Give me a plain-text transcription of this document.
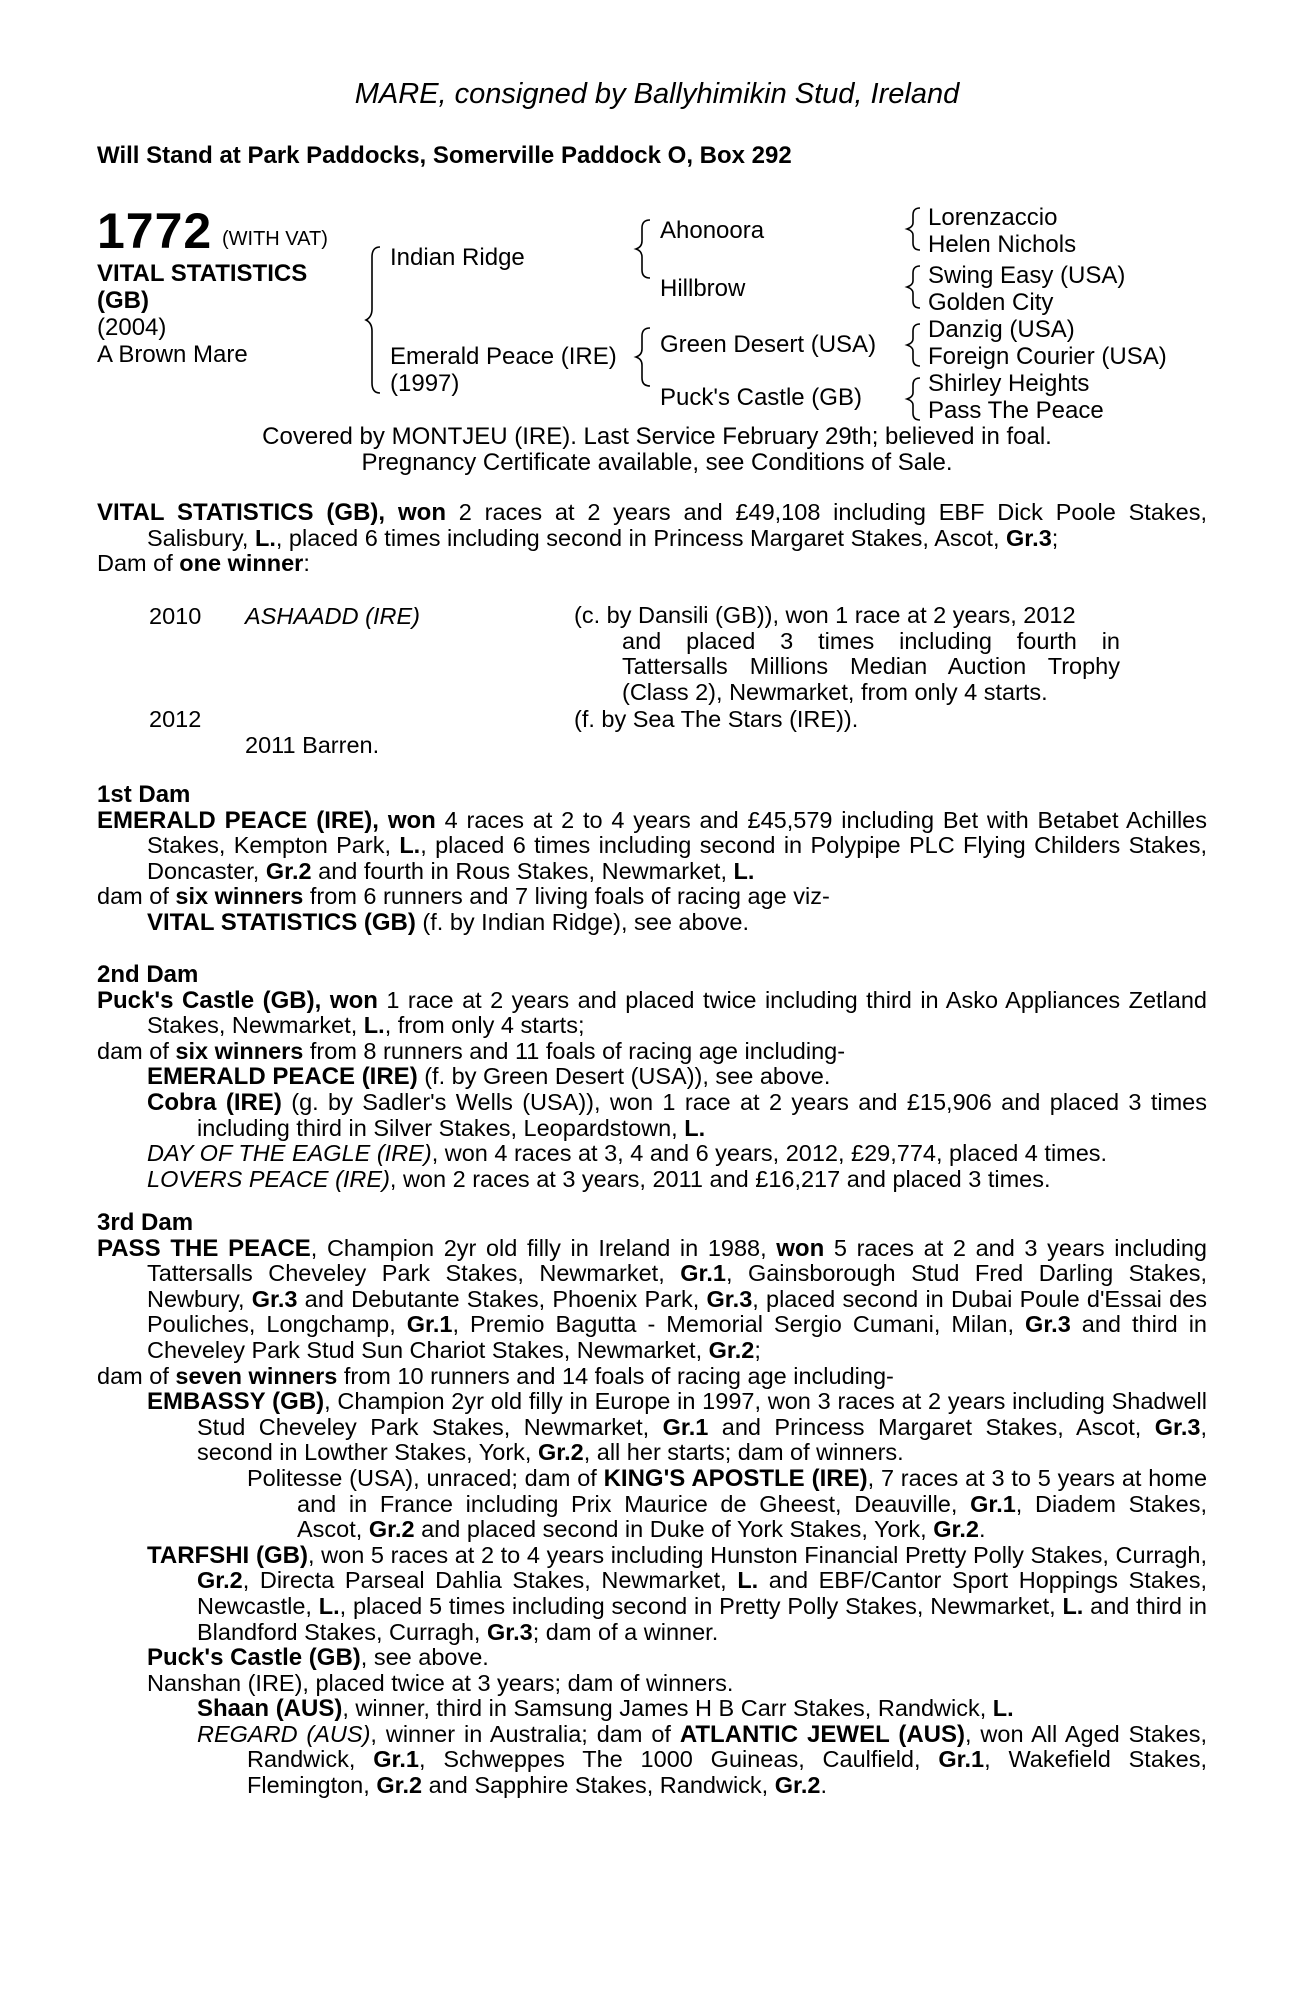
MARE, consigned by Ballyhimikin Stud, Ireland
Will Stand at Park Paddocks, Somerville Paddock O, Box 292
1772 (WITH VAT)
VITAL STATISTICS
(GB)
(2004)
A Brown Mare
Indian Ridge
Emerald Peace (IRE)
(1997)
Ahonoora
Hillbrow
Green Desert (USA)
Puck's Castle (GB)
Lorenzaccio
Helen Nichols
Swing Easy (USA)
Golden City
Danzig (USA)
Foreign Courier (USA)
Shirley Heights
Pass The Peace
Covered by MONTJEU (IRE). Last Service February 29th; believed in foal.
Pregnancy Certificate available, see Conditions of Sale.

VITAL STATISTICS (GB), won 2 races at 2 years and £49,108 including EBF Dick Poole Stakes, Salisbury, L., placed 6 times including second in Princess Margaret Stakes, Ascot, Gr.3;

Dam of one winner:

2010 ASHAADD (IRE)	(c. by Dansili (GB)), won 1 race at 2 years, 2012
and placed 3 times including fourth in
Tattersalls Millions Median Auction Trophy
(Class 2), Newmarket, from only 4 starts.
2012	(f. by Sea The Stars (IRE)).
2011 Barren.

1st Dam

EMERALD PEACE (IRE), won 4 races at 2 to 4 years and £45,579 including Bet with Betabet Achilles Stakes, Kempton Park, L., placed 6 times including second in Polypipe PLC Flying Childers Stakes, Doncaster, Gr.2 and fourth in Rous Stakes, Newmarket, L.

dam of six winners from 6 runners and 7 living foals of racing age viz-

VITAL STATISTICS (GB) (f. by Indian Ridge), see above.

2nd Dam

Puck's Castle (GB), won 1 race at 2 years and placed twice including third in Asko Appliances Zetland Stakes, Newmarket, L., from only 4 starts;

dam of six winners from 8 runners and 11 foals of racing age including-

EMERALD PEACE (IRE) (f. by Green Desert (USA)), see above.

Cobra (IRE) (g. by Sadler's Wells (USA)), won 1 race at 2 years and £15,906 and placed 3 times including third in Silver Stakes, Leopardstown, L.

DAY OF THE EAGLE (IRE), won 4 races at 3, 4 and 6 years, 2012, £29,774, placed 4 times.

LOVERS PEACE (IRE), won 2 races at 3 years, 2011 and £16,217 and placed 3 times.

3rd Dam

PASS THE PEACE, Champion 2yr old filly in Ireland in 1988, won 5 races at 2 and 3 years including Tattersalls Cheveley Park Stakes, Newmarket, Gr.1, Gainsborough Stud Fred Darling Stakes, Newbury, Gr.3 and Debutante Stakes, Phoenix Park, Gr.3, placed second in Dubai Poule d'Essai des Pouliches, Longchamp, Gr.1, Premio Bagutta - Memorial Sergio Cumani, Milan, Gr.3 and third in Cheveley Park Stud Sun Chariot Stakes, Newmarket, Gr.2;

dam of seven winners from 10 runners and 14 foals of racing age including-

EMBASSY (GB), Champion 2yr old filly in Europe in 1997, won 3 races at 2 years including Shadwell Stud Cheveley Park Stakes, Newmarket, Gr.1 and Princess Margaret Stakes, Ascot, Gr.3, second in Lowther Stakes, York, Gr.2, all her starts; dam of winners.

Politesse (USA), unraced; dam of KING'S APOSTLE (IRE), 7 races at 3 to 5 years at home and in France including Prix Maurice de Gheest, Deauville, Gr.1, Diadem Stakes, Ascot, Gr.2 and placed second in Duke of York Stakes, York, Gr.2.

TARFSHI (GB), won 5 races at 2 to 4 years including Hunston Financial Pretty Polly Stakes, Curragh, Gr.2, Directa Parseal Dahlia Stakes, Newmarket, L. and EBF/Cantor Sport Hoppings Stakes, Newcastle, L., placed 5 times including second in Pretty Polly Stakes, Newmarket, L. and third in Blandford Stakes, Curragh, Gr.3; dam of a winner.

Puck's Castle (GB), see above.

Nanshan (IRE), placed twice at 3 years; dam of winners.

Shaan (AUS), winner, third in Samsung James H B Carr Stakes, Randwick, L.

REGARD (AUS), winner in Australia; dam of ATLANTIC JEWEL (AUS), won All Aged Stakes, Randwick, Gr.1, Schweppes The 1000 Guineas, Caulfield, Gr.1, Wakefield Stakes, Flemington, Gr.2 and Sapphire Stakes, Randwick, Gr.2.
